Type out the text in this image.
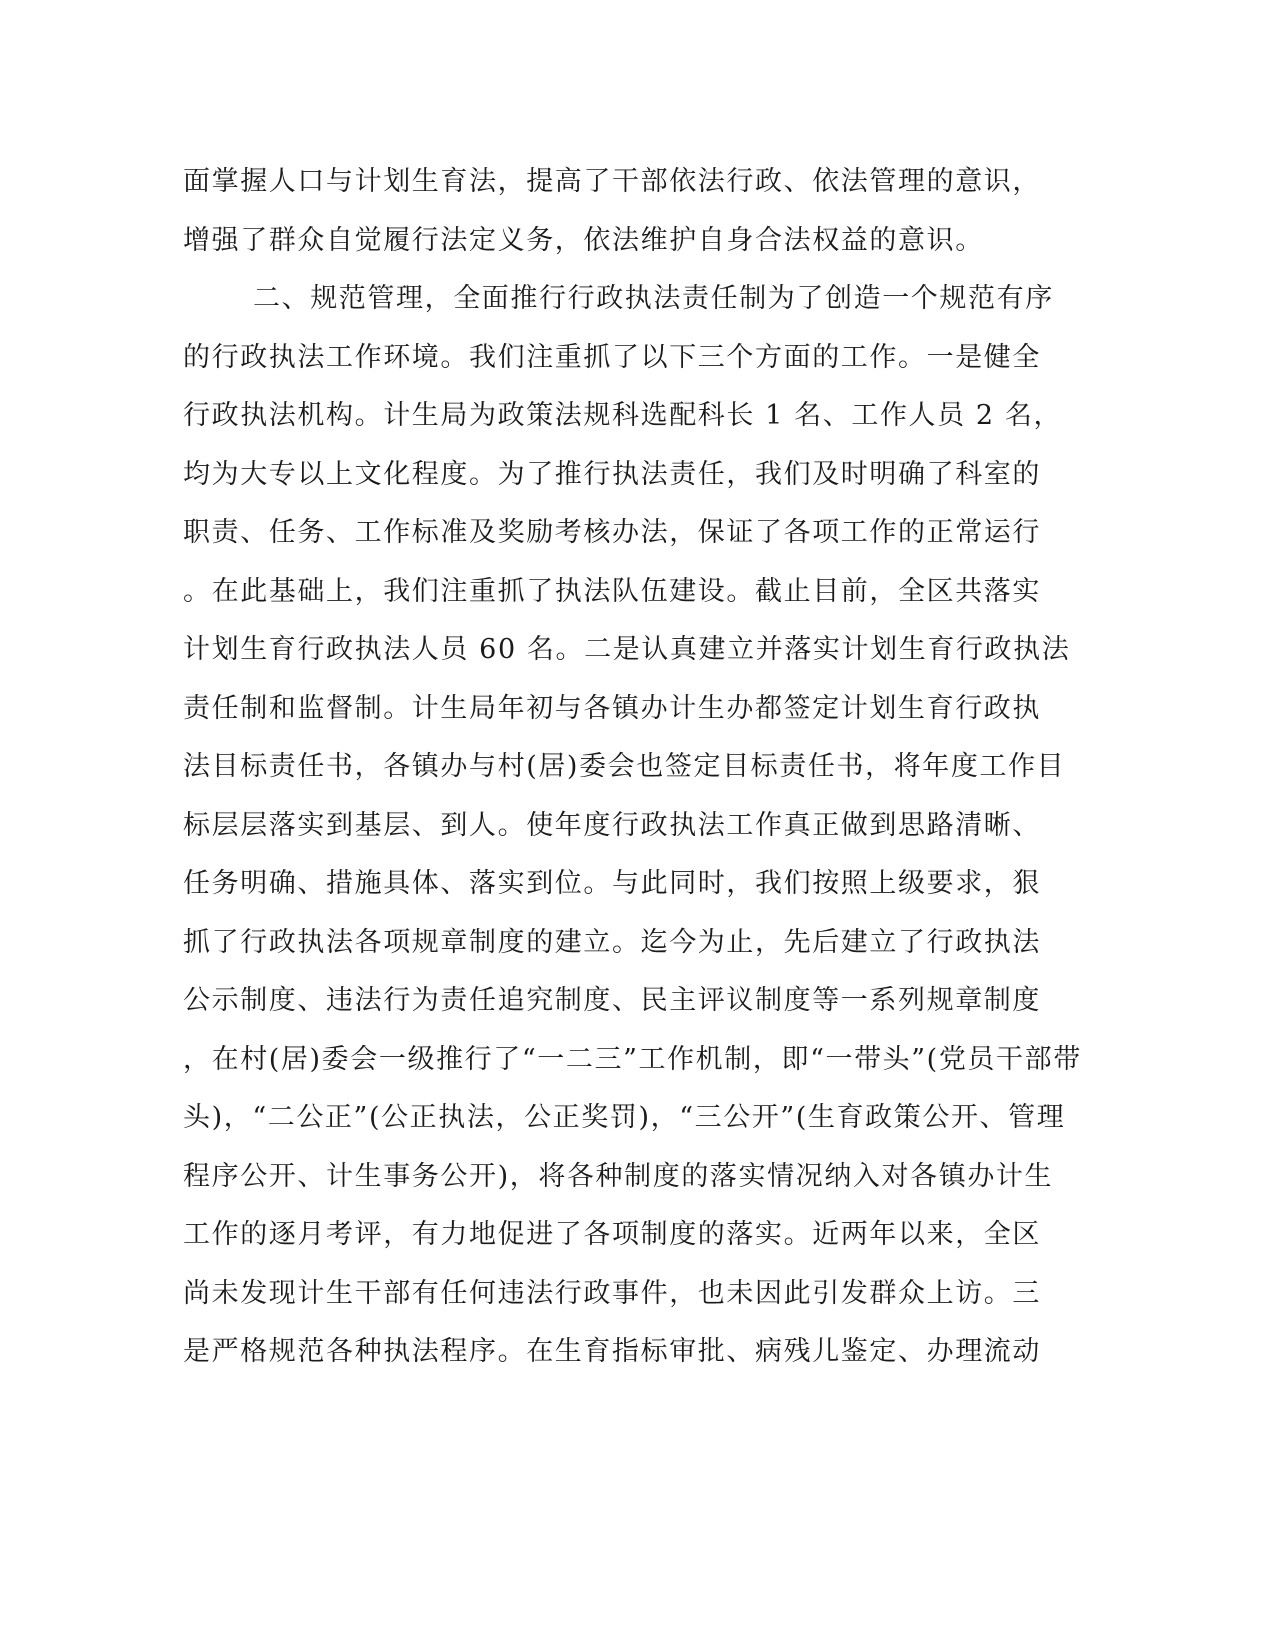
面掌握人口与计划生育法，提高了干部依法行政、依法管理的意识，
增强了群众自觉履行法定义务，依法维护自身合法权益的意识。
二、规范管理，全面推行行政执法责任制为了创造一个规范有序
的行政执法工作环境。我们注重抓了以下三个方面的工作。一是健全
行政执法机构。计生局为政策法规科选配科长 1 名、工作人员 2 名，
均为大专以上文化程度。为了推行执法责任，我们及时明确了科室的
职责、任务、工作标准及奖励考核办法，保证了各项工作的正常运行
。在此基础上，我们注重抓了执法队伍建设。截止目前，全区共落实
计划生育行政执法人员 60 名。二是认真建立并落实计划生育行政执法
责任制和监督制。计生局年初与各镇办计生办都签定计划生育行政执
法目标责任书，各镇办与村(居)委会也签定目标责任书，将年度工作目
标层层落实到基层、到人。使年度行政执法工作真正做到思路清晰、
任务明确、措施具体、落实到位。与此同时，我们按照上级要求，狠
抓了行政执法各项规章制度的建立。迄今为止，先后建立了行政执法
公示制度、违法行为责任追究制度、民主评议制度等一系列规章制度
，在村(居)委会一级推行了“一二三”工作机制，即“一带头”(党员干部带
头)，“二公正”(公正执法，公正奖罚)，“三公开”(生育政策公开、管理
程序公开、计生事务公开)，将各种制度的落实情况纳入对各镇办计生
工作的逐月考评，有力地促进了各项制度的落实。近两年以来，全区
尚未发现计生干部有任何违法行政事件，也未因此引发群众上访。三
是严格规范各种执法程序。在生育指标审批、病残儿鉴定、办理流动
